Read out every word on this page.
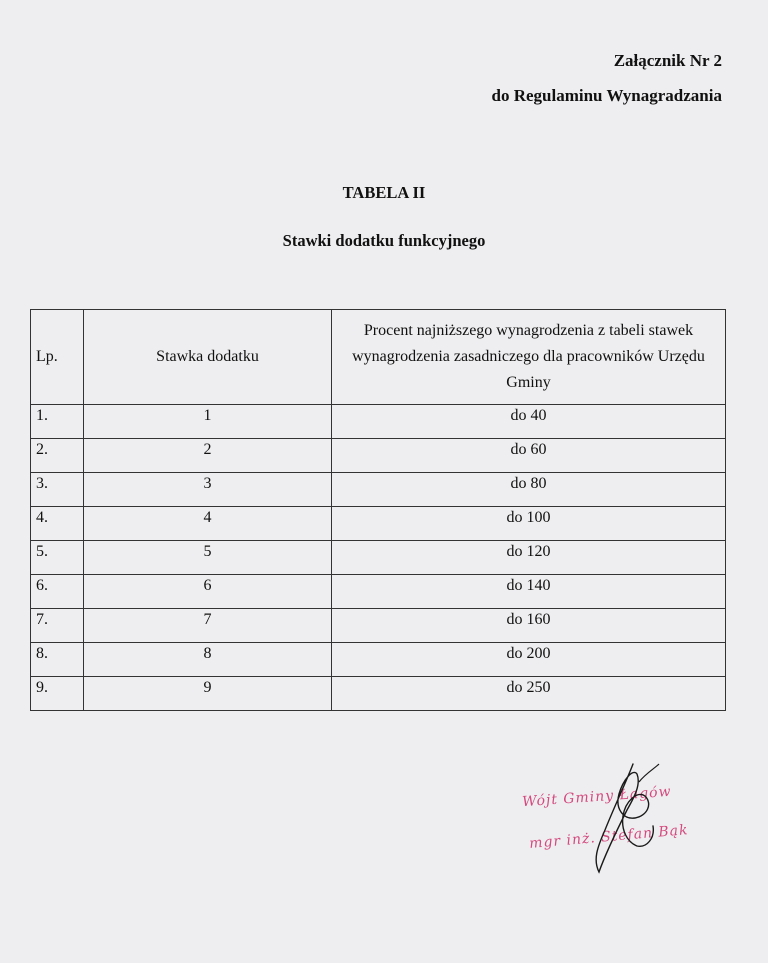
Załącznik Nr 2
do Regulaminu Wynagradzania
TABELA II
Stawki dodatku funkcyjnego
Lp.	Stawka dodatku	Procent najniższego wynagrodzenia z tabeli stawek wynagrodzenia zasadniczego dla pracowników Urzędu Gminy
1.	1	do 40
2.	2	do 60
3.	3	do 80
4.	4	do 100
5.	5	do 120
6.	6	do 140
7.	7	do 160
8.	8	do 200
9.	9	do 250
Wójt Gminy Łagów
mgr inż. Stefan Bąk
